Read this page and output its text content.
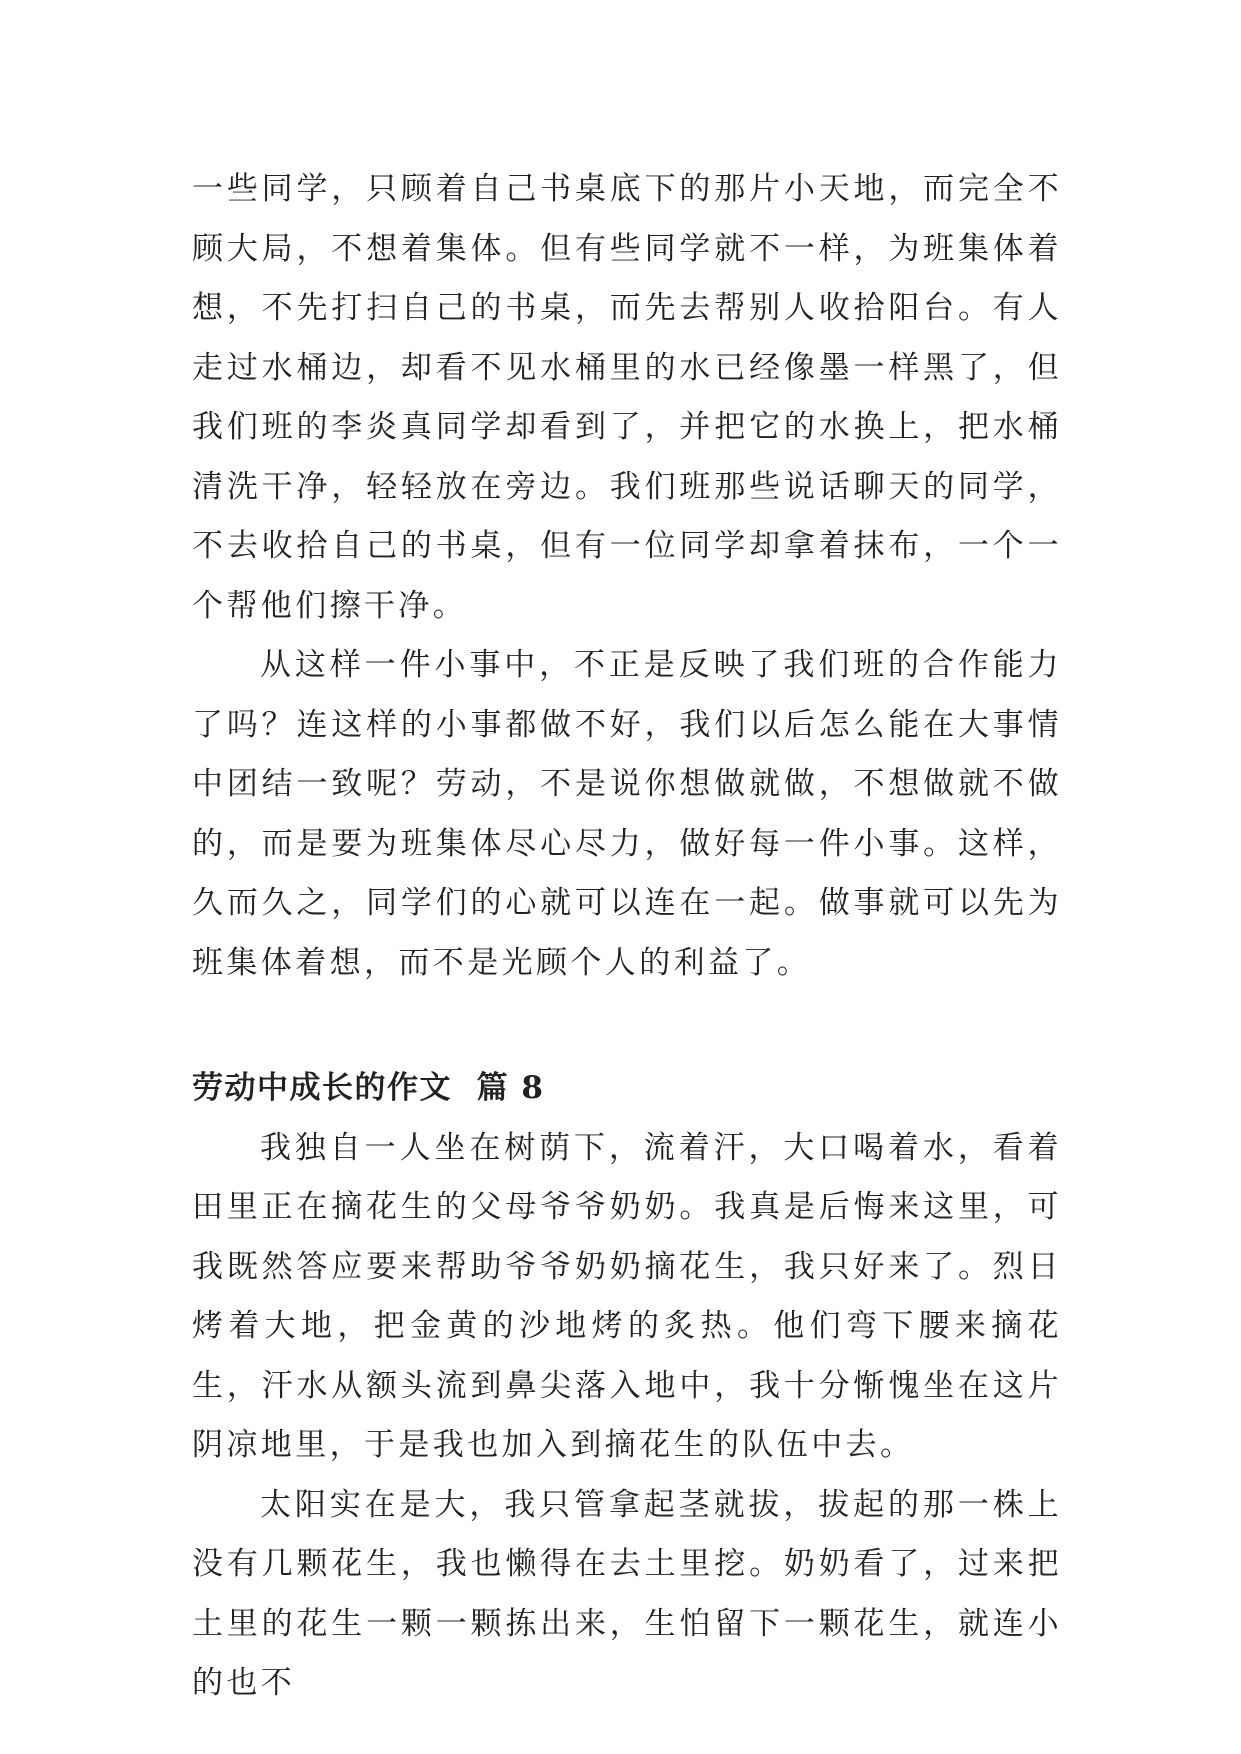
一些同学，只顾着自己书桌底下的那片小天地，而完全不顾大局，不想着集体。但有些同学就不一样，为班集体着想，不先打扫自己的书桌，而先去帮别人收拾阳台。有人走过水桶边，却看不见水桶里的水已经像墨一样黑了，但我们班的李炎真同学却看到了，并把它的水换上，把水桶清洗干净，轻轻放在旁边。我们班那些说话聊天的同学，不去收拾自己的书桌，但有一位同学却拿着抹布，一个一个帮他们擦干净。

从这样一件小事中，不正是反映了我们班的合作能力了吗？连这样的小事都做不好，我们以后怎么能在大事情中团结一致呢？劳动，不是说你想做就做，不想做就不做的，而是要为班集体尽心尽力，做好每一件小事。这样，久而久之，同学们的心就可以连在一起。做事就可以先为班集体着想，而不是光顾个人的利益了。

劳动中成长的作文  篇 8

我独自一人坐在树荫下，流着汗，大口喝着水，看着田里正在摘花生的父母爷爷奶奶。我真是后悔来这里，可我既然答应要来帮助爷爷奶奶摘花生，我只好来了。烈日烤着大地，把金黄的沙地烤的炙热。他们弯下腰来摘花生，汗水从额头流到鼻尖落入地中，我十分惭愧坐在这片阴凉地里，于是我也加入到摘花生的队伍中去。

太阳实在是大，我只管拿起茎就拔，拔起的那一株上没有几颗花生，我也懒得在去土里挖。奶奶看了，过来把土里的花生一颗一颗拣出来，生怕留下一颗花生，就连小的也不
